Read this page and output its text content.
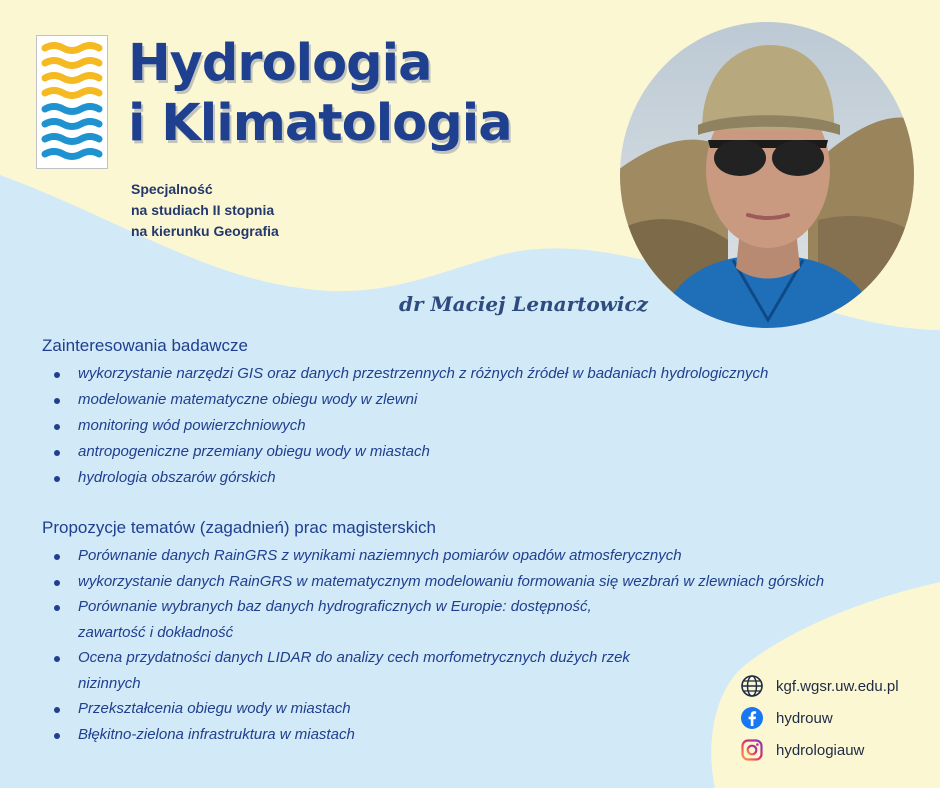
Hydrologia
i Klimatologia
Specjalność
na studiach II stopnia
na kierunku Geografia
dr Maciej Lenartowicz
Zainteresowania badawcze
wykorzystanie narzędzi GIS oraz danych przestrzennych z różnych źródeł w badaniach hydrologicznych
modelowanie matematyczne obiegu wody w zlewni
monitoring wód powierzchniowych
antropogeniczne przemiany obiegu wody w miastach
hydrologia obszarów górskich
Propozycje tematów (zagadnień) prac magisterskich
Porównanie danych RainGRS z wynikami naziemnych pomiarów opadów atmosferycznych
wykorzystanie danych RainGRS w matematycznym modelowaniu formowania się wezbrań w zlewniach górskich
Porównanie wybranych baz danych hydrograficznych w Europie: dostępność, zawartość i dokładność
Ocena przydatności danych LIDAR do analizy cech morfometrycznych dużych rzek nizinnych
Przekształcenia obiegu wody w miastach
Błękitno-zielona infrastruktura w miastach
kgf.wgsr.uw.edu.pl
hydrouw
hydrologiauw
